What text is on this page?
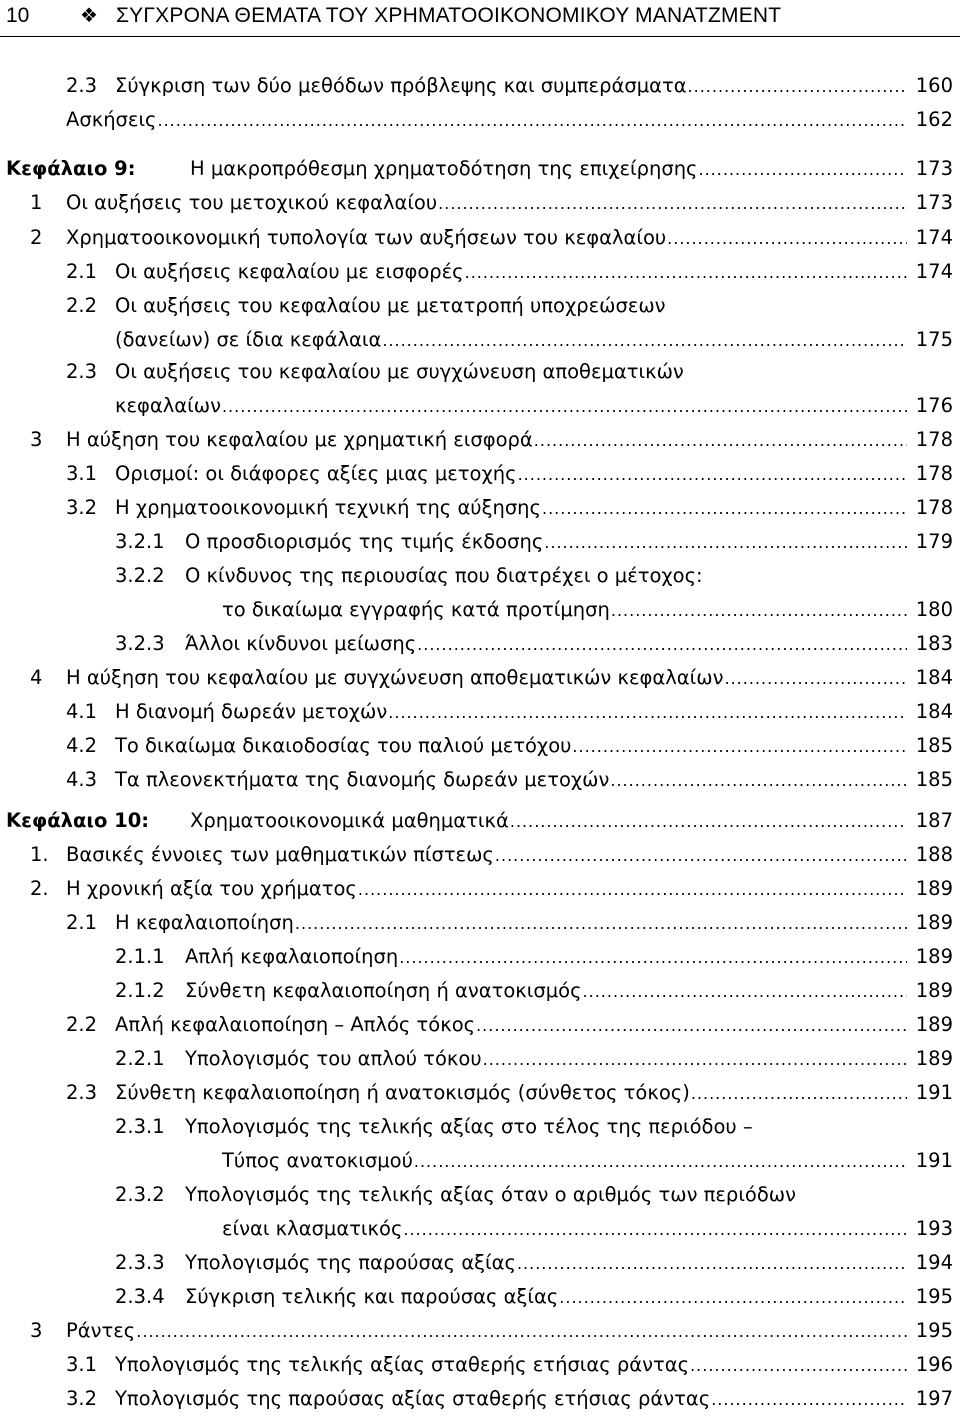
10	❖ ΣΥΓΧΡΟΝΑ ΘΕΜΑΤΑ ΤΟΥ ΧΡΗΜΑΤΟΟΙΚΟΝΟΜΙΚΟΥ ΜΑΝΑΤΖΜΕΝΤ
2.3 Σύγκριση των δύο μεθόδων πρόβλεψης και συμπεράσματα .....	160
Ασκήσεις .....	162
Κεφάλαιο 9:	Η μακροπρόθεσμη χρηματοδότηση της επιχείρησης .....	173
1 Οι αυξήσεις του μετοχικού κεφαλαίου .....	173
2 Χρηματοοικονομική τυπολογία των αυξήσεων του κεφαλαίου .....	174
2.1 Οι αυξήσεις κεφαλαίου με εισφορές .....	174
2.2 Οι αυξήσεις του κεφαλαίου με μετατροπή υποχρεώσεων
(δανείων) σε ίδια κεφάλαια .....	175
2.3 Οι αυξήσεις του κεφαλαίου με συγχώνευση αποθεματικών
κεφαλαίων .....	176
3 Η αύξηση του κεφαλαίου με χρηματική εισφορά .....	178
3.1 Ορισμοί: οι διάφορες αξίες μιας μετοχής .....	178
3.2 Η χρηματοοικονομική τεχνική της αύξησης .....	178
3.2.1 Ο προσδιορισμός της τιμής έκδοσης .....	179
3.2.2 Ο κίνδυνος της περιουσίας που διατρέχει ο μέτοχος:
το δικαίωμα εγγραφής κατά προτίμηση .....	180
3.2.3 Άλλοι κίνδυνοι μείωσης .....	183
4 Η αύξηση του κεφαλαίου με συγχώνευση αποθεματικών κεφαλαίων .....	184
4.1 Η διανομή δωρεάν μετοχών .....	184
4.2 Το δικαίωμα δικαιοδοσίας του παλιού μετόχου .....	185
4.3 Τα πλεονεκτήματα της διανομής δωρεάν μετοχών .....	185
Κεφάλαιο 10: Χρηματοοικονομικά μαθηματικά .....	187
1. Βασικές έννοιες των μαθηματικών πίστεως .....	188
2. Η χρονική αξία του χρήματος .....	189
2.1 Η κεφαλαιοποίηση .....	189
2.1.1 Απλή κεφαλαιοποίηση .....	189
2.1.2 Σύνθετη κεφαλαιοποίηση ή ανατοκισμός .....	189
2.2 Απλή κεφαλαιοποίηση – Απλός τόκος .....	189
2.2.1 Υπολογισμός του απλού τόκου .....	189
2.3 Σύνθετη κεφαλαιοποίηση ή ανατοκισμός (σύνθετος τόκος) .....	191
2.3.1 Υπολογισμός της τελικής αξίας στο τέλος της περιόδου –
Τύπος ανατοκισμού .....	191
2.3.2 Υπολογισμός της τελικής αξίας όταν ο αριθμός των περιόδων
είναι κλασματικός .....	193
2.3.3 Υπολογισμός της παρούσας αξίας .....	194
2.3.4 Σύγκριση τελικής και παρούσας αξίας .....	195
3 Ράντες .....	195
3.1 Υπολογισμός της τελικής αξίας σταθερής ετήσιας ράντας .....	196
3.2 Υπολογισμός της παρούσας αξίας σταθερής ετήσιας ράντας .....	197
